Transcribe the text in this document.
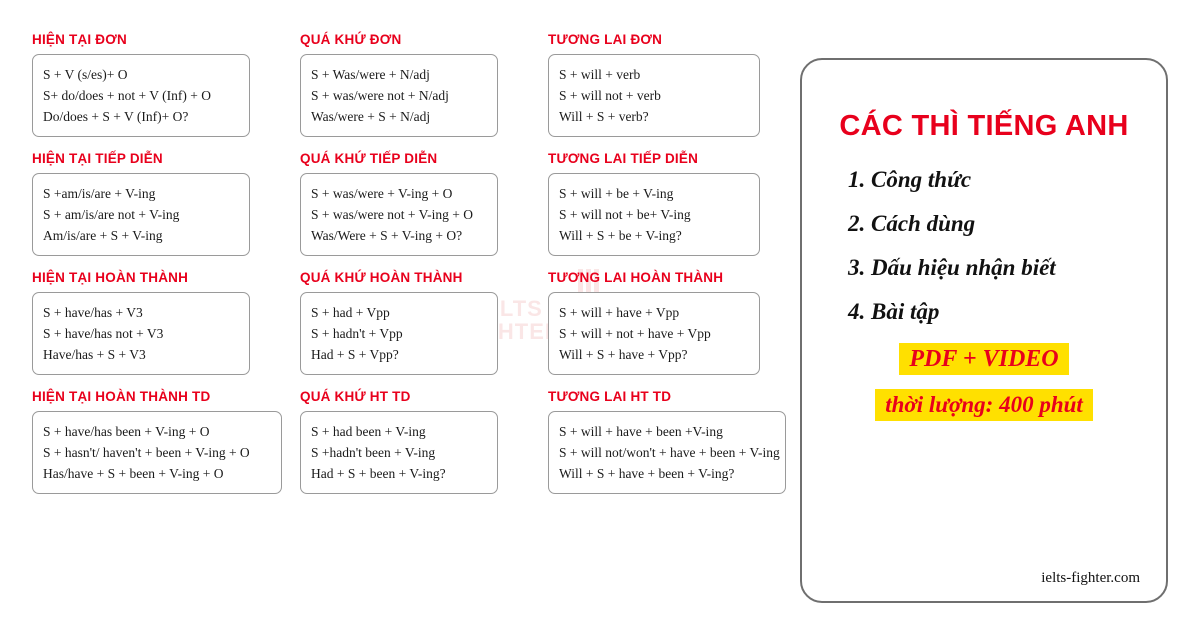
IELTS
FIGHTER
HIỆN TẠI ĐƠN
S + V (s/es)+ O
S+ do/does + not + V (Inf) + O
Do/does + S + V (Inf)+ O?
HIỆN TẠI TIẾP DIỄN
S +am/is/are + V-ing
S + am/is/are not + V-ing
Am/is/are + S + V-ing
HIỆN TẠI HOÀN THÀNH
S + have/has + V3
S + have/has not + V3
Have/has + S + V3
HIỆN TẠI HOÀN THÀNH TD
S + have/has been + V-ing + O
S + hasn't/ haven't + been + V-ing + O
Has/have + S + been + V-ing + O
QUÁ KHỨ ĐƠN
S + Was/were + N/adj
S + was/were not + N/adj
Was/were + S + N/adj
QUÁ KHỨ TIẾP DIỄN
S + was/were + V-ing + O
S + was/were not + V-ing + O
Was/Were + S + V-ing + O?
QUÁ KHỨ HOÀN THÀNH
S + had + Vpp
S + hadn't + Vpp
Had + S + Vpp?
QUÁ KHỨ HT TD
S + had been + V-ing
S +hadn't been + V-ing
Had + S + been + V-ing?
TƯƠNG LAI ĐƠN
S + will + verb
S + will not + verb
Will + S + verb?
TƯƠNG LAI TIẾP DIỄN
S + will + be + V-ing
S + will not + be+ V-ing
Will + S + be + V-ing?
TƯƠNG LAI HOÀN THÀNH
S + will + have + Vpp
S + will + not + have + Vpp
Will + S + have + Vpp?
TƯƠNG LAI HT TD
S + will + have + been +V-ing
S + will not/won't + have + been + V-ing
Will + S + have + been + V-ing?
CÁC THÌ TIẾNG ANH
1. Công thức
2. Cách dùng
3. Dấu hiệu nhận biết
4. Bài tập
PDF + VIDEO
thời lượng: 400 phút
ielts-fighter.com
